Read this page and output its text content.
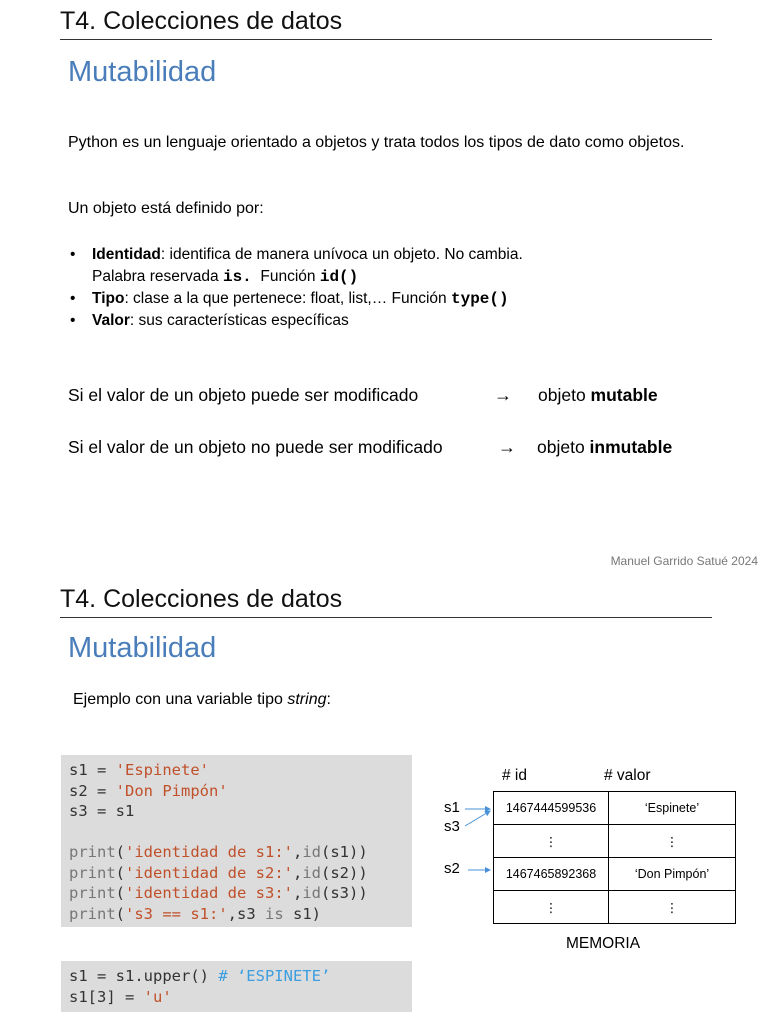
T4. Colecciones de datos
Mutabilidad
Python es un lenguaje orientado a objetos y trata todos los tipos de dato como objetos.
Un objeto está definido por:
• Identidad: identifica de manera unívoca un objeto. No cambia.
Palabra reservada is.  Función id()
• Tipo: clase a la que pertenece: float, list,… Función type()
• Valor: sus características específicas
Si el valor de un objeto puede ser modificado	→ objeto mutable
Si el valor de un objeto no puede ser modificado	→ objeto inmutable
Manuel Garrido Satué 2024
T4. Colecciones de datos
Mutabilidad
Ejemplo con una variable tipo string:
s1 = 'Espinete'
s2 = 'Don Pimpón'
s3 = s1

print('identidad de s1:',id(s1))
print('identidad de s2:',id(s2))
print('identidad de s3:',id(s3))
print('s3 == s1:',s3 is s1)
s1 = s1.upper() # ‘ESPINETE’
s1[3] = 'u'
# id	# valor
1467444599536	‘Espinete’
⋮	⋮
1467465892368	‘Don Pimpón’
⋮	⋮
s1
s3
s2
MEMORIA
